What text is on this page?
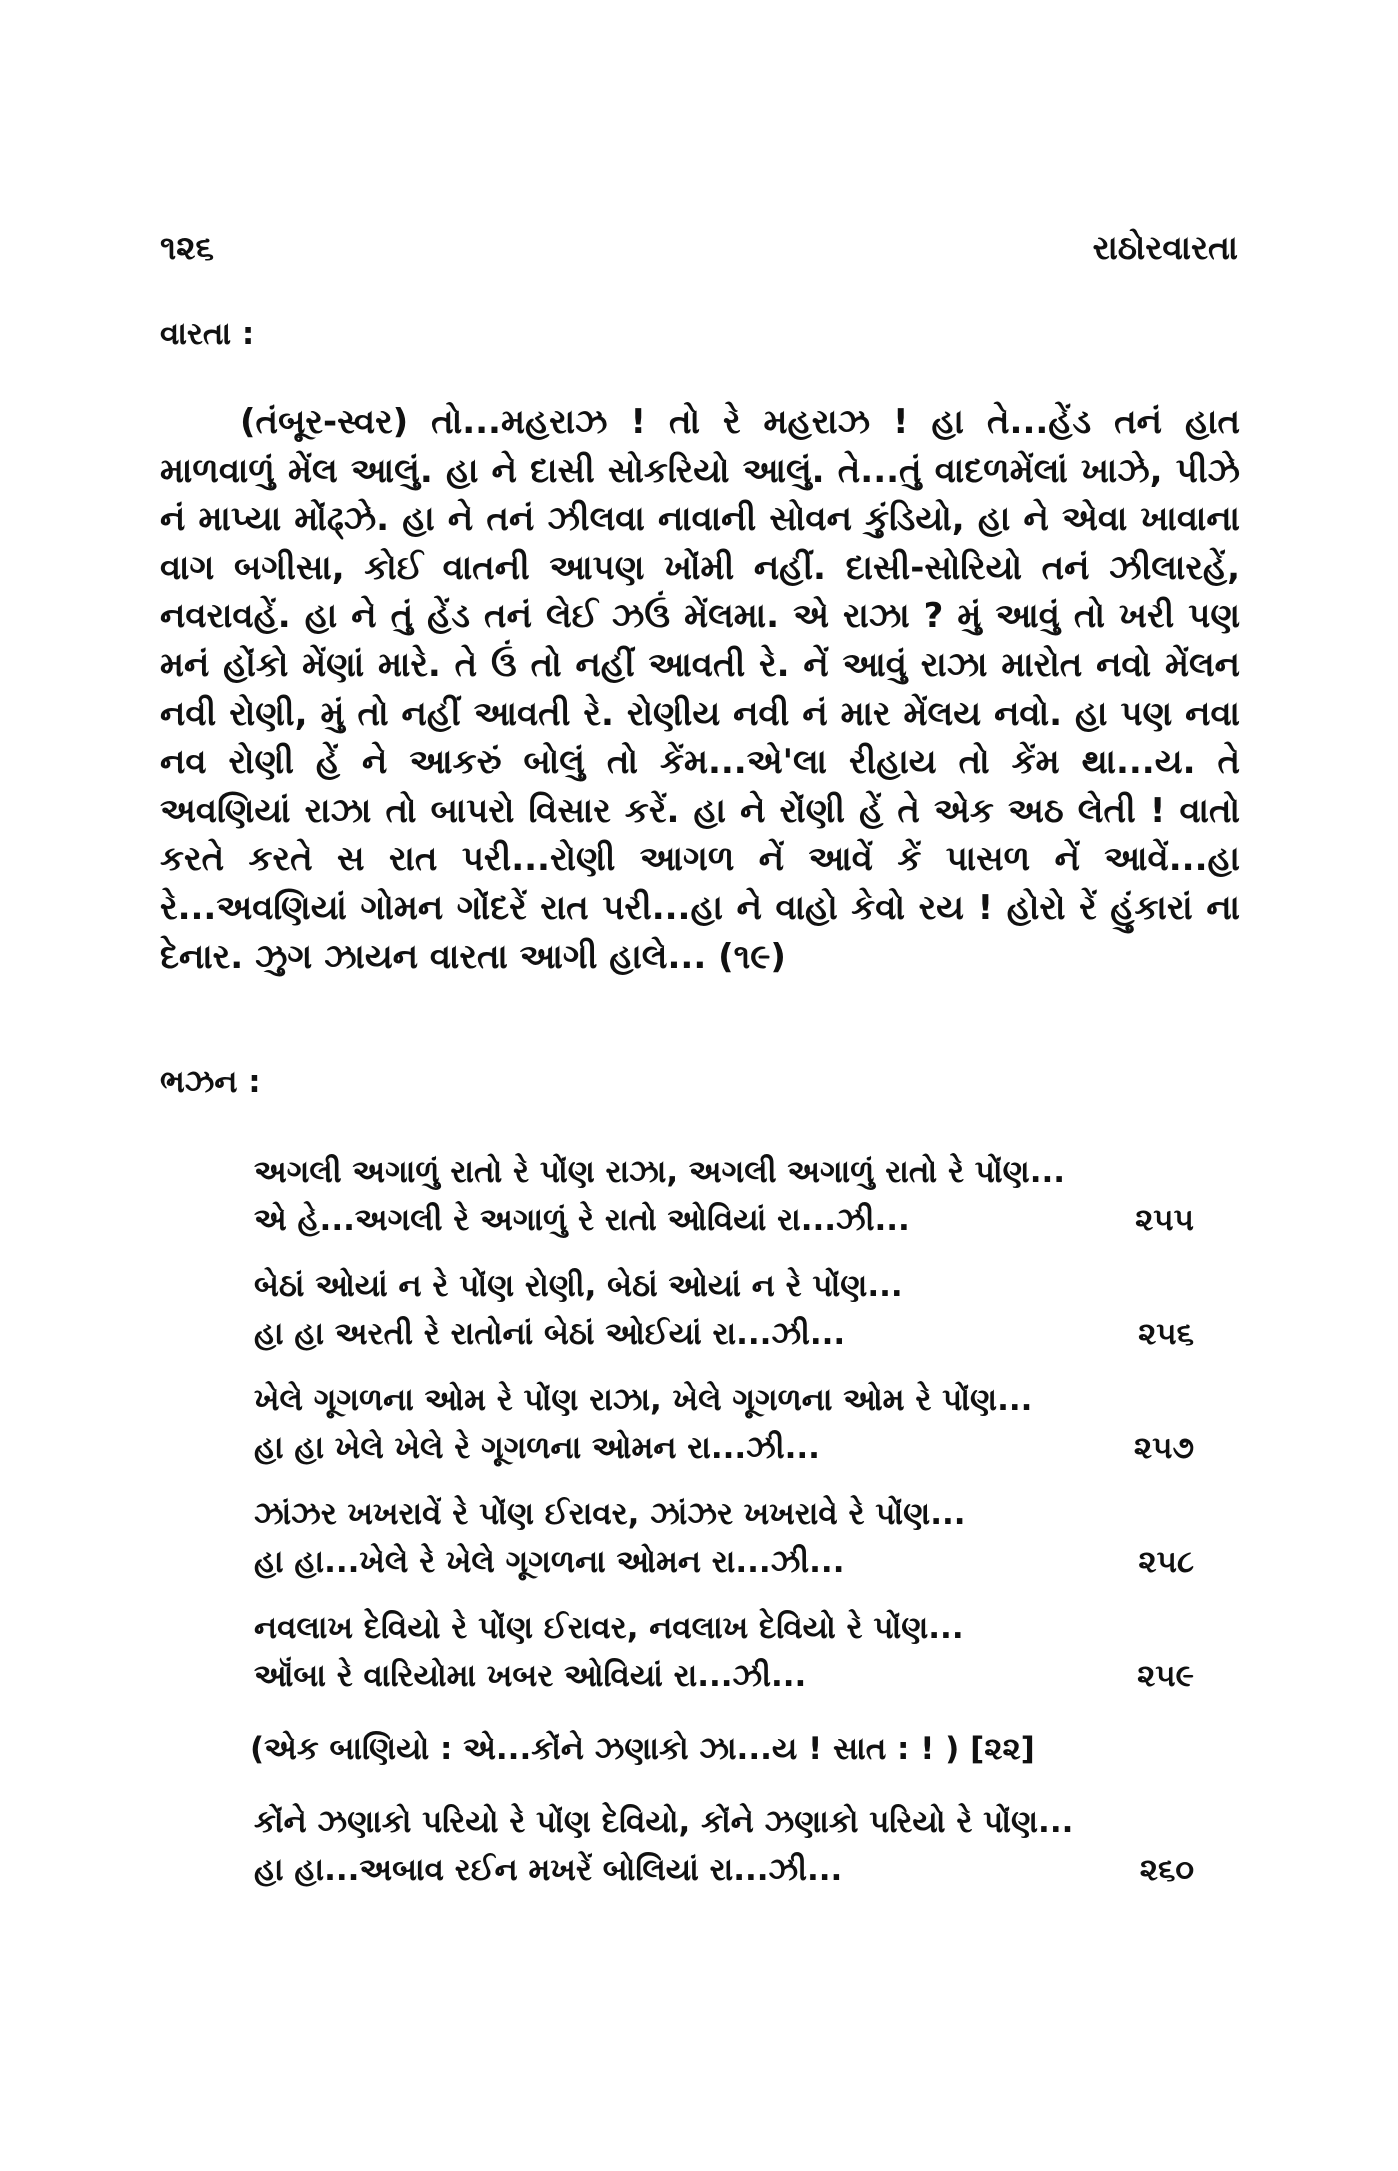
૧૨૬	રાઠોરવારતા
વારતા :

(તંબૂર-સ્વર) તો...મહરાઝ ! તો રે મહરાઝ ! હા તે...હેંડ તનં હાત માળવાળું મેંલ આલું. હા ને દાસી સોકરિયો આલું. તે...તું વાદળમેંલાં ખાઝે, પીઝે નં માપ્યા મોંઢ્ઝે. હા ને તનં ઝીલવા નાવાની સોવન કુંડિયો, હા ને એવા ખાવાના વાગ બગીસા, કોઈ વાતની આપણ ખોંમી નહીં. દાસી-સોરિયો તનં ઝીલારહેં, નવરાવહેં. હા ને તું હેંડ તનં લેઈ ઝઉં મેંલમા. એ રાઝા ? મું આવું તો ખરી પણ મનં હોંકો મેંણાં મારે. તે ઉં તો નહીં આવતી રે. નેં આવું રાઝા મારોત નવો મેંલન નવી રોણી, મું તો નહીં આવતી રે. રોણીય નવી નં માર મેંલય નવો. હા પણ નવા નવ રોણી હેં ને આકરું બોલું તો કેંમ...એ'લા રીહાય તો કેંમ થા...ય. તે અવણિયાં રાઝા તો બાપરો વિસાર કરેં. હા ને રોંણી હેં તે એક અઠ લેતી ! વાતો કરતે કરતે સ રાત પરી...રોણી આગળ નેં આવેં કેં પાસળ નેં આવેં...હા રે...અવણિયાં ગોમન ગોંદરેં રાત પરી...હા ને વાહો કેવો રય ! હોરો રેં હુંકારાં ના દેનાર. ઝુગ ઝાયન વારતા આગી હાલે... (૧૯)

ભઝન :
અગલી અગાળું રાતો રે પોંણ રાઝા, અગલી અગાળું રાતો રે પોંણ...
એ હે...અગલી રે અગાળું રે રાતો ઓવિયાં રા...ઝી...	૨૫૫
બેઠાં ઓયાં ન રે પોંણ રોણી, બેઠાં ઓયાં ન રે પોંણ...
હા હા અરતી રે રાતોનાં બેઠાં ઓઈયાં રા...ઝી...	૨૫૬
ખેલે ગૂગળના ઓમ રે પોંણ રાઝા, ખેલે ગૂગળના ઓમ રે પોંણ...
હા હા ખેલે ખેલે રે ગૂગળના ઓમન રા...ઝી...	૨૫૭
ઝાંઝર ખખરાવેં રે પોંણ ઈરાવર, ઝાંઝર ખખરાવે રે પોંણ...
હા હા...ખેલે રે ખેલે ગૂગળના ઓમન રા...ઝી...	૨૫૮
નવલાખ દેવિયો રે પોંણ ઈરાવર, નવલાખ દેવિયો રે પોંણ...
ઑંબા રે વારિયોમા ખબર ઓવિયાં રા...ઝી...	૨૫૯
(એક બાણિયો : એ...કોંને ઝણાકો ઝા...ય ! સાત : ! ) [૨૨]
કોંને ઝણાકો પરિયો રે પોંણ દેવિયો, કોંને ઝણાકો પરિયો રે પોંણ...
હા હા...અબાવ રઈન મખરેં બોલિયાં રા...ઝી...	૨૬૦
